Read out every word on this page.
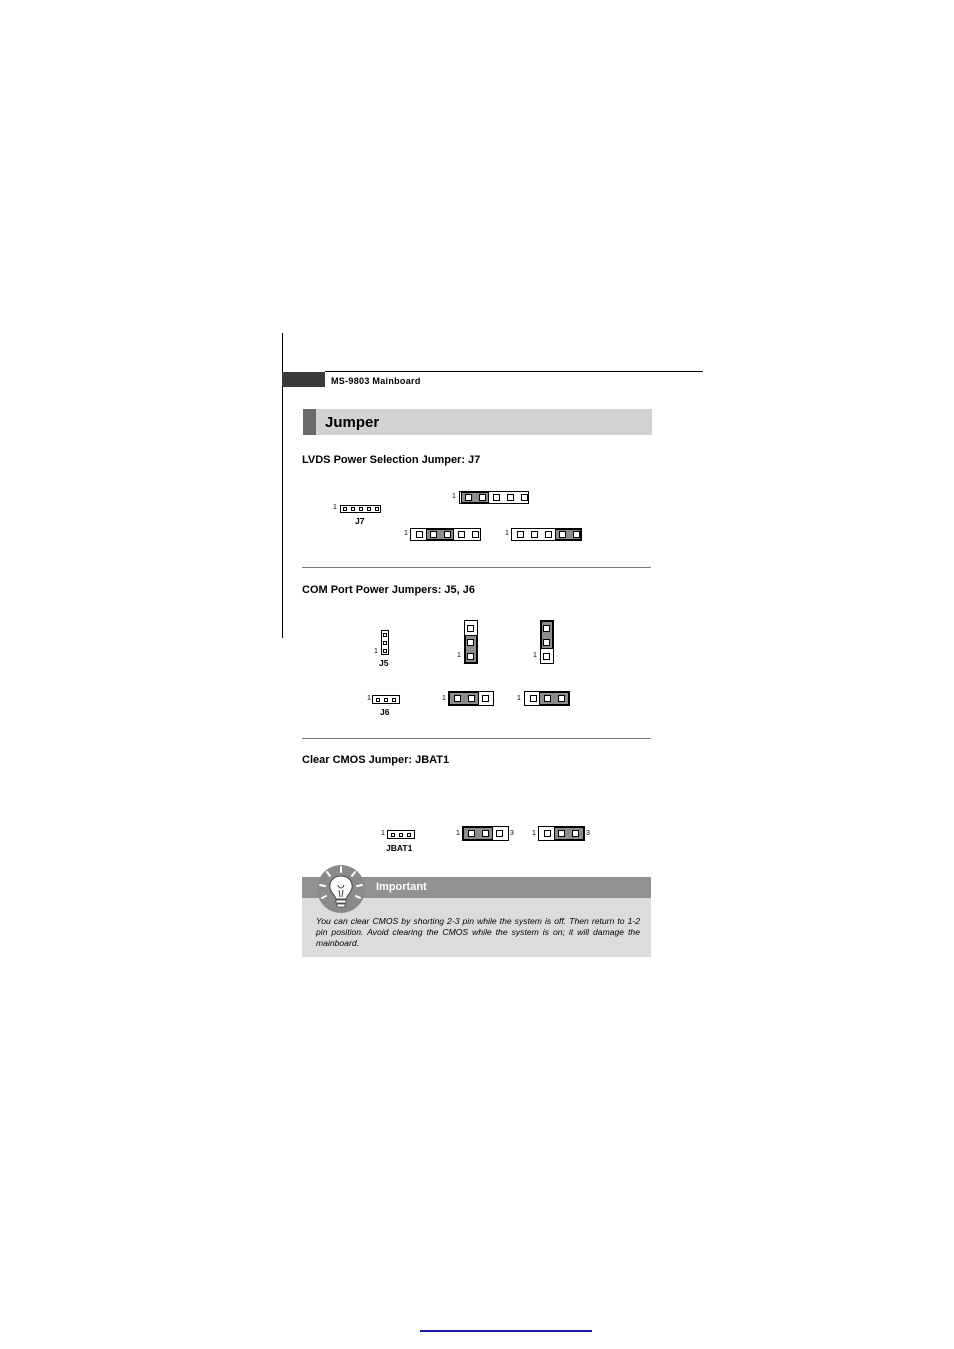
MS-9803 Mainboard
Jumper
LVDS Power Selection Jumper: J7
1
J7
1
1	1
COM Port Power Jumpers: J5, J6
1
J5
1	1
1
J6
1	1
Clear CMOS Jumper: JBAT1
1
JBAT1
1	3	1	3
Important
You can clear CMOS by shorting 2-3 pin while the system is off. Then return to 1-2 pin position. Avoid clearing the CMOS while the system is on; it will damage the mainboard.
